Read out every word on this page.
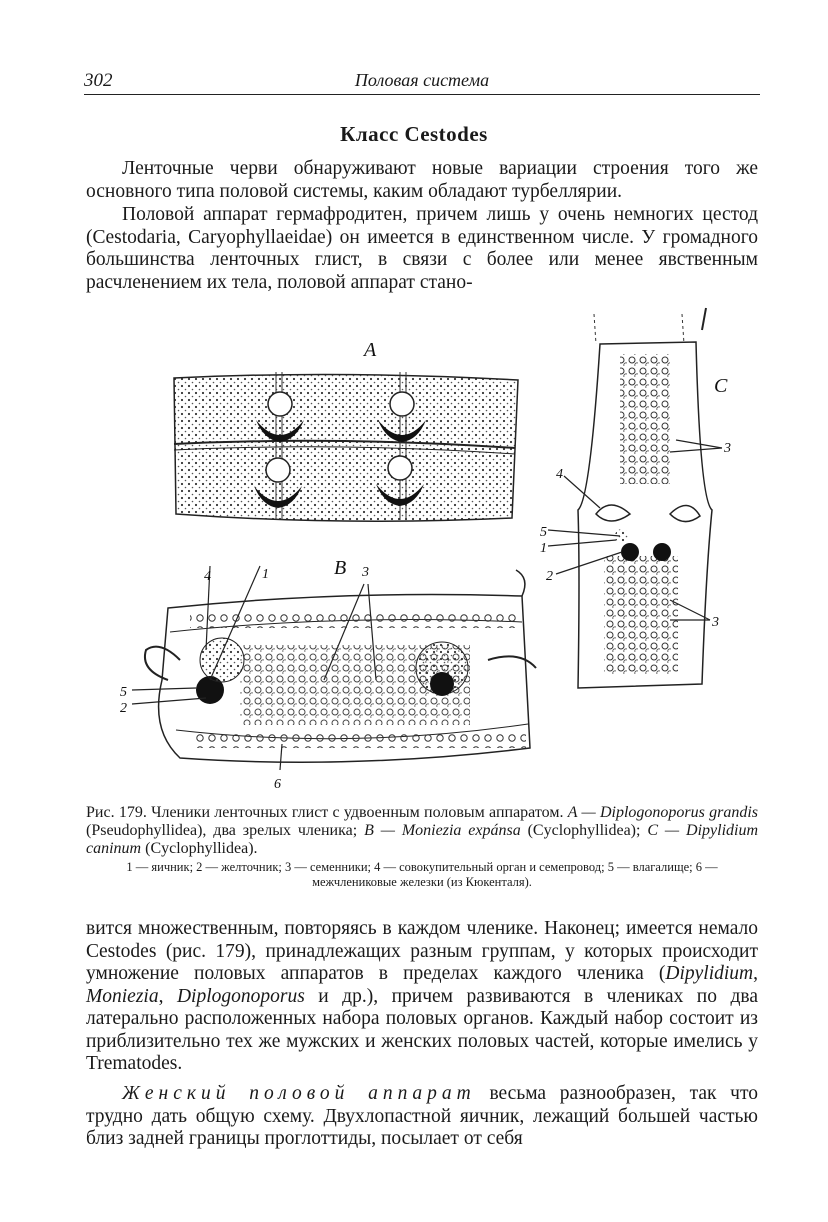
302	Половая система
Класс Cestodes

Ленточные черви обнаруживают новые вариации строения того же основного типа половой системы, каким обладают турбеллярии.

Половой аппарат гермафродитен, причем лишь у очень немногих цестод (Cestodaria, Caryophyllaeidae) он имеется в единственном числе. У громадного большинства ленточных глист, в связи с более или менее явственным расчленением их тела, половой аппарат стано-

A
B
1	3
4
5
2
6
C
3
4
5
1
2
3

Рис. 179. Членики ленточных глист с удвоенным половым аппаратом. A — Diplogonoporus grandis (Pseudophyllidea), два зрелых членика; B — Moniezia expánsa (Cyclophyllidea); C — Dipylidium caninum (Cyclophyllidea).

1 — яичник; 2 — желточник; 3 — семенники; 4 — совокупительный орган и семепровод; 5 — влагалище; 6 — межчлениковые железки (из Кюкенталя).

вится множественным, повторяясь в каждом членике. Наконец; имеется немало Cestodes (рис. 179), принадлежащих разным группам, у которых происходит умножение половых аппаратов в пределах каждого членика (Dipylidium, Moniezia, Diplogonoporus и др.), причем развиваются в члениках по два латерально расположенных набора половых органов. Каждый набор состоит из приблизительно тех же мужских и женских половых частей, которые имелись у Trematodes.

Женский половой аппарат весьма разнообразен, так что трудно дать общую схему. Двухлопастной яичник, лежащий большей частью близ задней границы проглоттиды, посылает от себя
